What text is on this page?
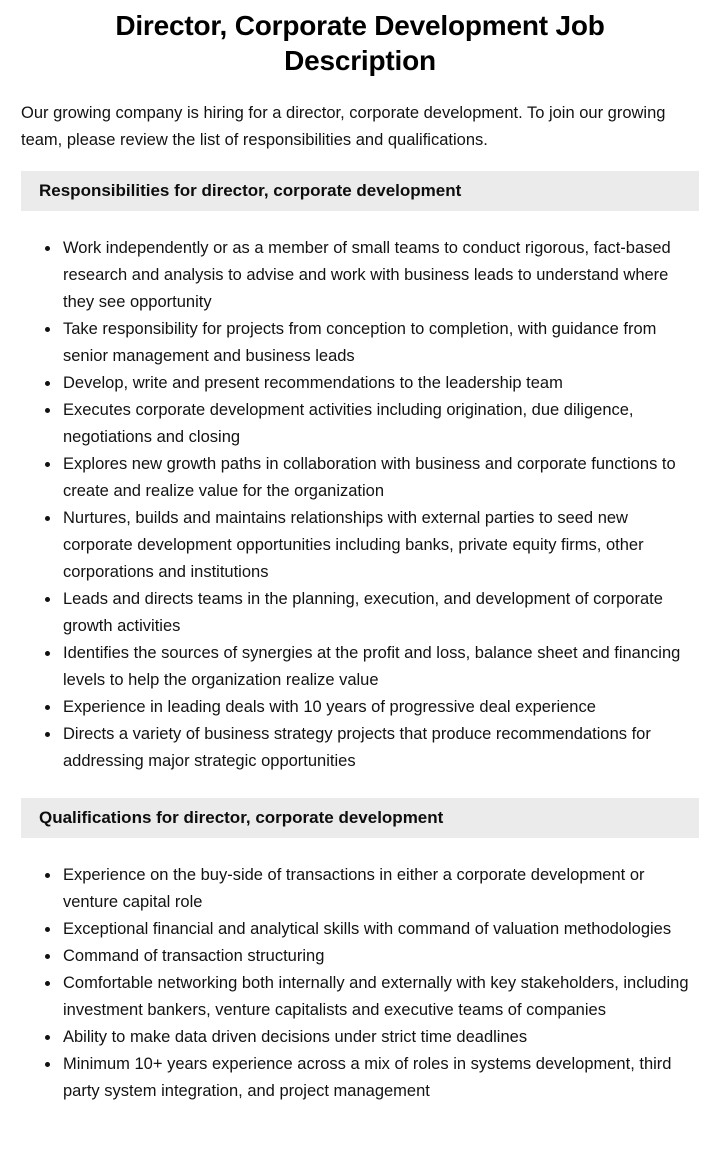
Director, Corporate Development Job Description

Our growing company is hiring for a director, corporate development. To join our growing team, please review the list of responsibilities and qualifications.

Responsibilities for director, corporate development
• Work independently or as a member of small teams to conduct rigorous, fact-based research and analysis to advise and work with business leads to understand where they see opportunity
• Take responsibility for projects from conception to completion, with guidance from senior management and business leads
• Develop, write and present recommendations to the leadership team
• Executes corporate development activities including origination, due diligence, negotiations and closing
• Explores new growth paths in collaboration with business and corporate functions to create and realize value for the organization
• Nurtures, builds and maintains relationships with external parties to seed new corporate development opportunities including banks, private equity firms, other corporations and institutions
• Leads and directs teams in the planning, execution, and development of corporate growth activities
• Identifies the sources of synergies at the profit and loss, balance sheet and financing levels to help the organization realize value
• Experience in leading deals with 10 years of progressive deal experience
• Directs a variety of business strategy projects that produce recommendations for addressing major strategic opportunities
Qualifications for director, corporate development
• Experience on the buy-side of transactions in either a corporate development or venture capital role
• Exceptional financial and analytical skills with command of valuation methodologies
• Command of transaction structuring
• Comfortable networking both internally and externally with key stakeholders, including investment bankers, venture capitalists and executive teams of companies
• Ability to make data driven decisions under strict time deadlines
• Minimum 10+ years experience across a mix of roles in systems development, third party system integration, and project management
